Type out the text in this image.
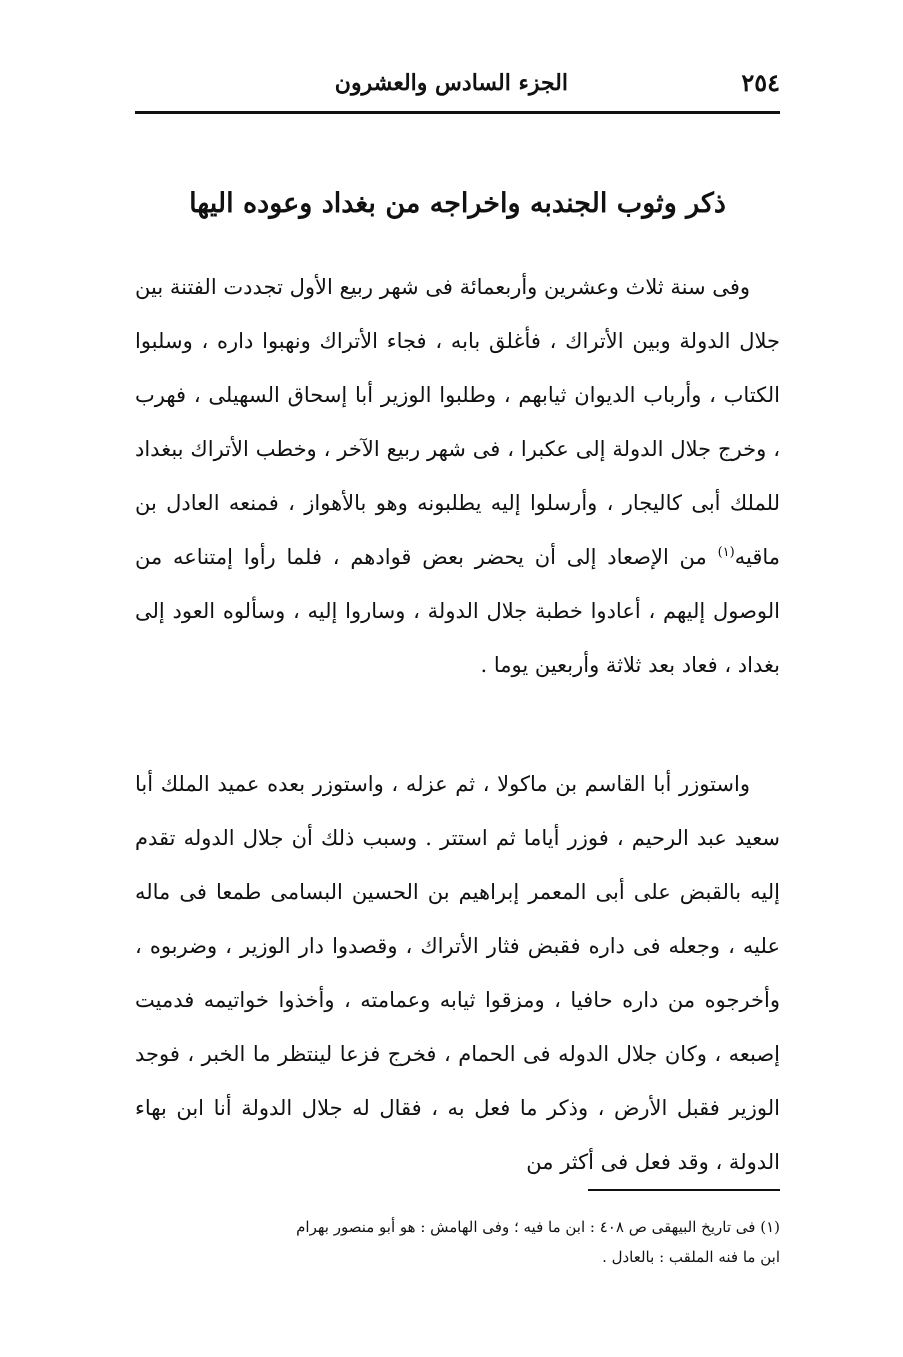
٢٥٤
الجزء السادس والعشرون
ذكر وثوب الجندبه واخراجه من بغداد وعوده اليها
وفى سنة ثلاث وعشرين وأربعمائة فى شهر ربيع الأول تجددت الفتنة بين جلال الدولة وبين الأتراك ، فأغلق بابه ، فجاء الأتراك ونهبوا داره ، وسلبوا الكتاب ، وأرباب الديوان ثيابهم ، وطلبوا الوزير أبا إسحاق السهيلى ، فهرب ، وخرج جلال الدولة إلى عكبرا ، فى شهر ربيع الآخر ، وخطب الأتراك ببغداد للملك أبى كاليجار ، وأرسلوا إليه يطلبونه وهو بالأهواز ، فمنعه العادل بن ماقيه$^{(١)}$ من الإصعاد إلى أن يحضر بعض قوادهم ، فلما رأوا إمتناعه من الوصول إليهم ، أعادوا خطبة جلال الدولة ، وساروا إليه ، وسألوه العود إلى بغداد ، فعاد بعد ثلاثة وأربعين يوما .
واستوزر أبا القاسم بن ماكولا ، ثم عزله ، واستوزر بعده عميد الملك أبا سعيد عبد الرحيم ، فوزر أياما ثم استتر . وسبب ذلك أن جلال الدوله تقدم إليه بالقبض على أبى المعمر إبراهيم بن الحسين البسامى طمعا فى ماله عليه ، وجعله فى داره فقبض فثار الأتراك ، وقصدوا دار الوزير ، وضربوه ، وأخرجوه من داره حافيا ، ومزقوا ثيابه وعمامته ، وأخذوا خواتيمه فدميت إصبعه ، وكان جلال الدوله فى الحمام ، فخرج فزعا لينتظر ما الخبر ، فوجد الوزير فقبل الأرض ، وذكر ما فعل به ، فقال له جلال الدولة أنا ابن بهاء الدولة ، وقد فعل فى أكثر من
(١) فى تاريخ البيهقى ص ٤٠٨ : ابن ما فيه ؛ وفى الهامش : هو أبو منصور بهرام
ابن ما فنه الملقب : بالعادل .
